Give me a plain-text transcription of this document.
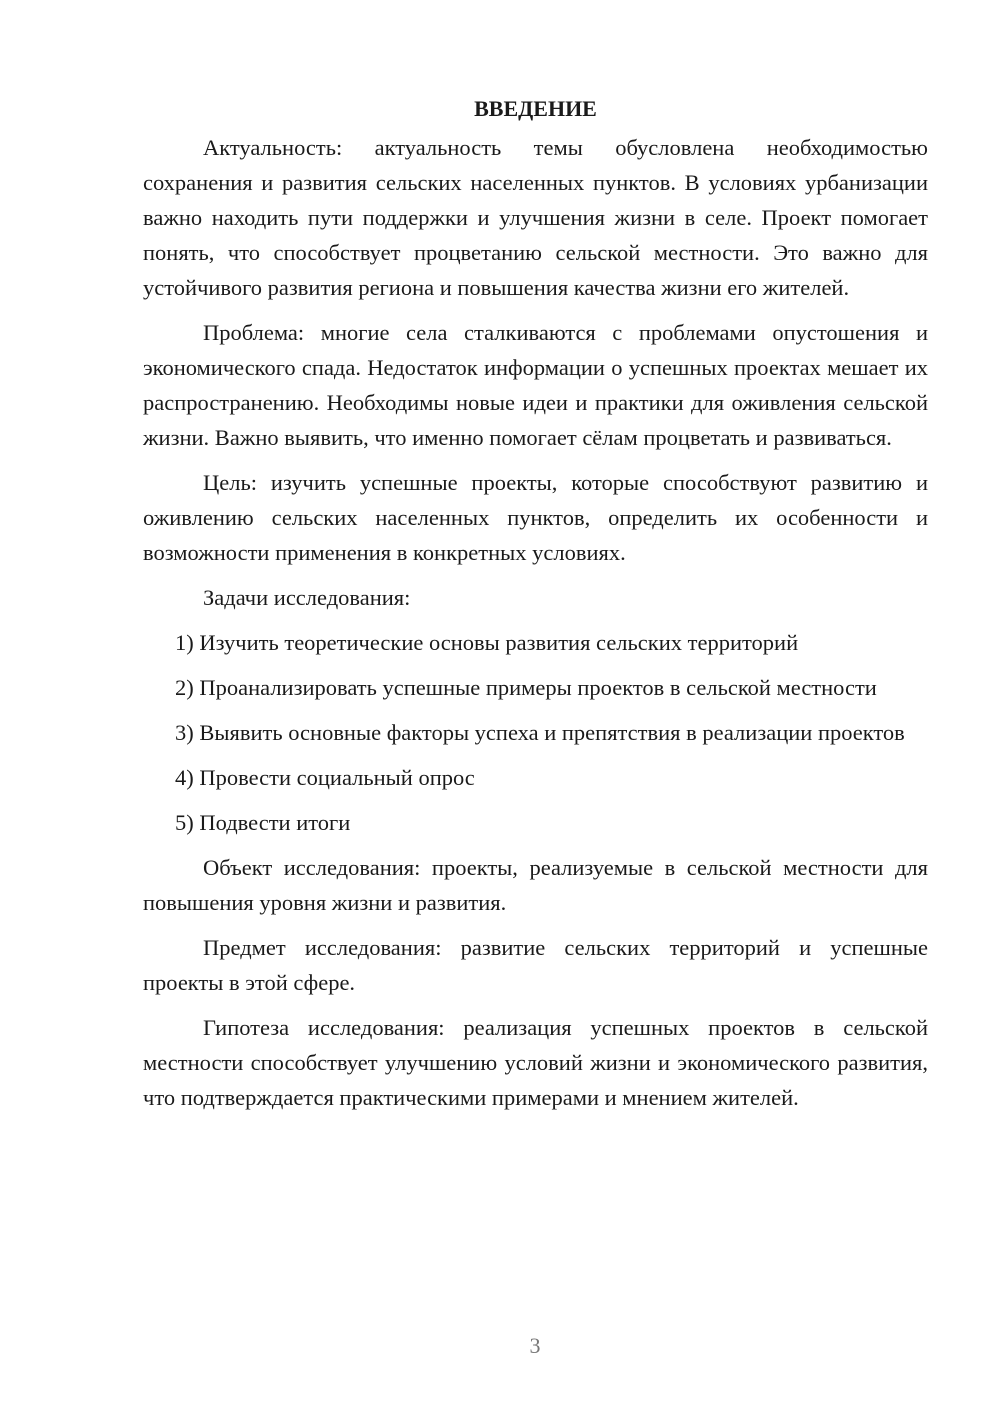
ВВЕДЕНИЕ

Актуальность: актуальность темы обусловлена необходимостью сохранения и развития сельских населенных пунктов. В условиях урбанизации важно находить пути поддержки и улучшения жизни в селе. Проект помогает понять, что способствует процветанию сельской местности. Это важно для устойчивого развития региона и повышения качества жизни его жителей.

Проблема: многие села сталкиваются с проблемами опустошения и экономического спада. Недостаток информации о успешных проектах мешает их распространению. Необходимы новые идеи и практики для оживления сельской жизни. Важно выявить, что именно помогает сёлам процветать и развиваться.

Цель: изучить успешные проекты, которые способствуют развитию и оживлению сельских населенных пунктов, определить их особенности и возможности применения в конкретных условиях.

Задачи исследования:

1) Изучить теоретические основы развития сельских территорий

2) Проанализировать успешные примеры проектов в сельской местности

3) Выявить основные факторы успеха и препятствия в реализации проектов

4) Провести социальный опрос

5) Подвести итоги

Объект исследования: проекты, реализуемые в сельской местности для повышения уровня жизни и развития.

Предмет исследования: развитие сельских территорий и успешные проекты в этой сфере.

Гипотеза исследования: реализация успешных проектов в сельской местности способствует улучшению условий жизни и экономического развития, что подтверждается практическими примерами и мнением жителей.

3
